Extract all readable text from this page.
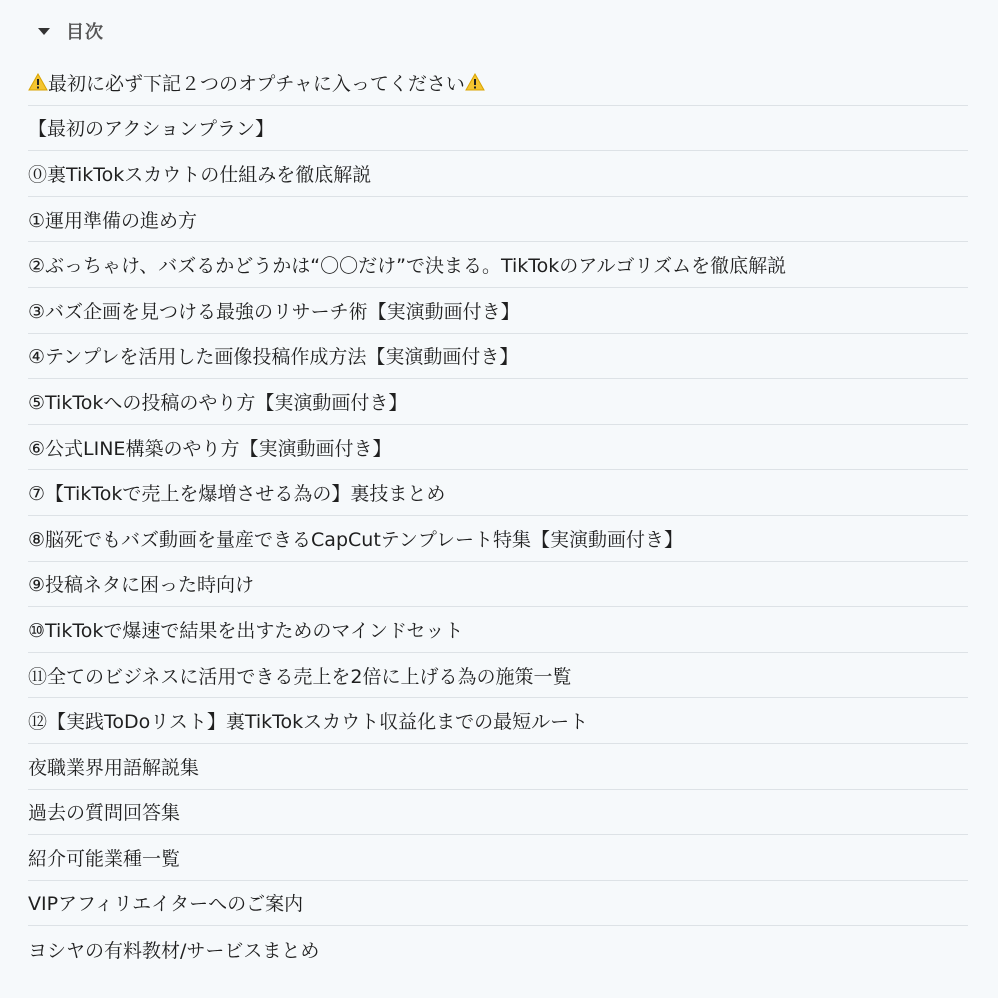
目次
最初に必ず下記２つのオプチャに入ってください
【最初のアクションプラン】
⓪裏TikTokスカウトの仕組みを徹底解説
①運用準備の進め方
②ぶっちゃけ、バズるかどうかは“〇〇だけ”で決まる。TikTokのアルゴリズムを徹底解説
③バズ企画を見つける最強のリサーチ術【実演動画付き】
④テンプレを活用した画像投稿作成方法【実演動画付き】
⑤TikTokへの投稿のやり方【実演動画付き】
⑥公式LINE構築のやり方【実演動画付き】
⑦【TikTokで売上を爆増させる為の】裏技まとめ
⑧脳死でもバズ動画を量産できるCapCutテンプレート特集【実演動画付き】
⑨投稿ネタに困った時向け
⑩TikTokで爆速で結果を出すためのマインドセット
⑪全てのビジネスに活用できる売上を2倍に上げる為の施策一覧
⑫【実践ToDoリスト】裏TikTokスカウト収益化までの最短ルート
夜職業界用語解説集
過去の質問回答集
紹介可能業種一覧
VIPアフィリエイターへのご案内
ヨシヤの有料教材/サービスまとめ
